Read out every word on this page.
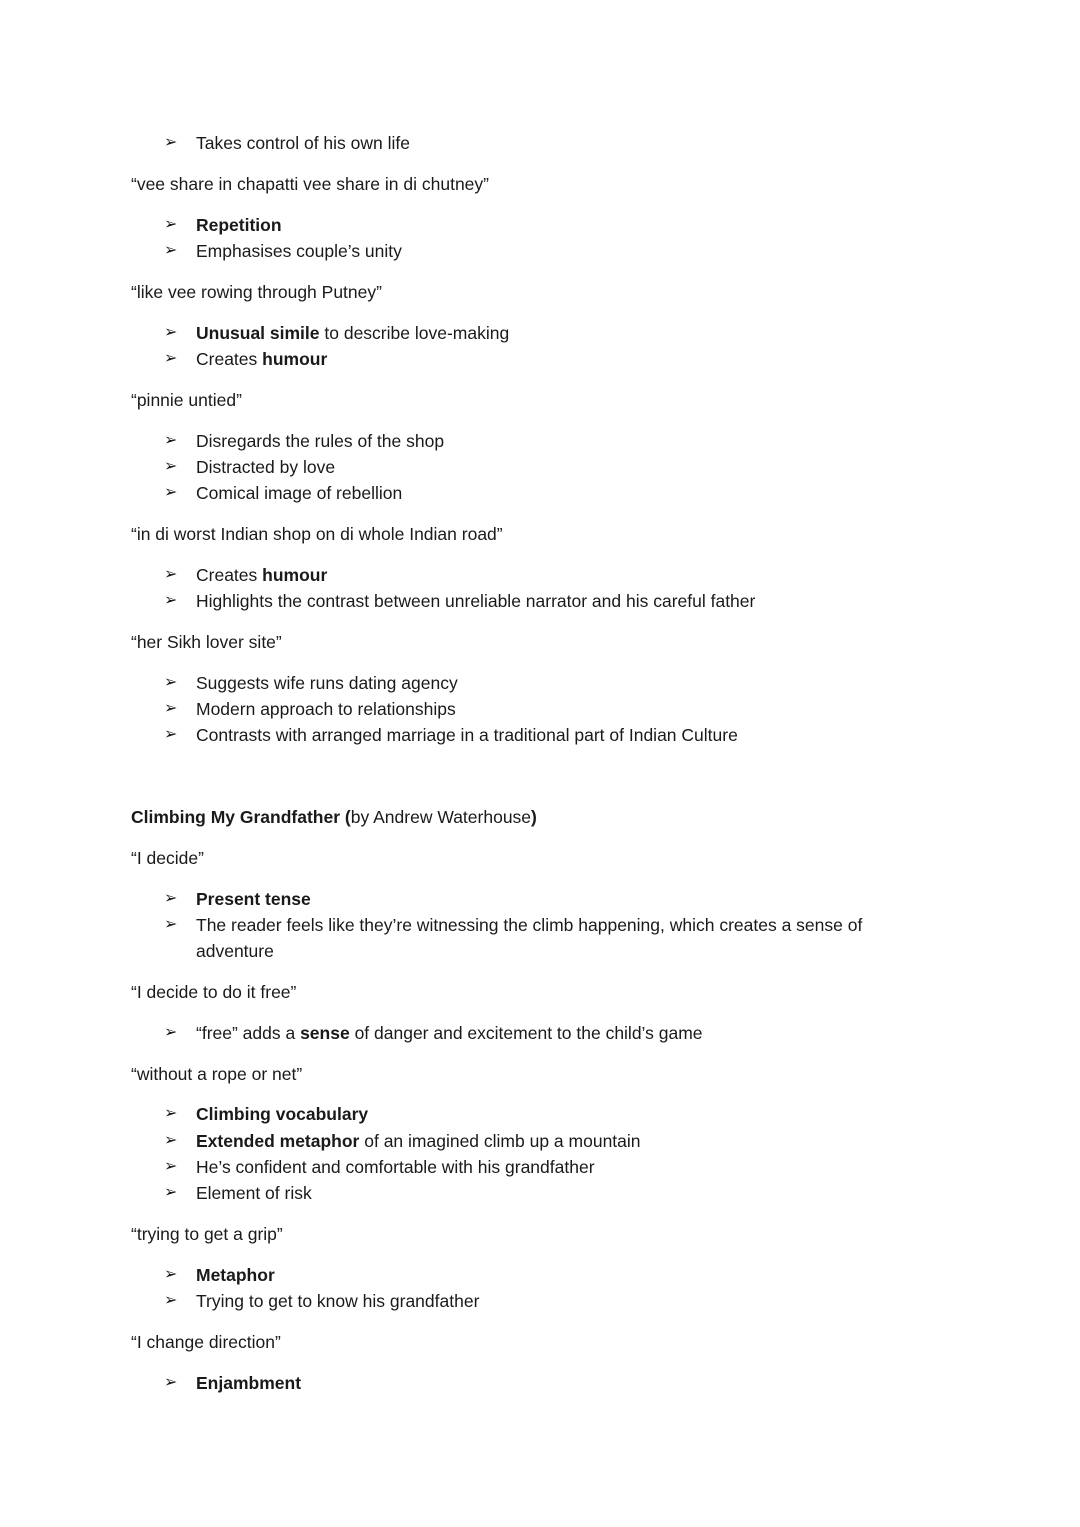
➢ Takes control of his own life
“vee share in chapatti vee share in di chutney”
➢ Repetition
➢ Emphasises couple’s unity
“like vee rowing through Putney”
➢ Unusual simile to describe love-making
➢ Creates humour
“pinnie untied”
➢ Disregards the rules of the shop
➢ Distracted by love
➢ Comical image of rebellion
“in di worst Indian shop on di whole Indian road”
➢ Creates humour
➢ Highlights the contrast between unreliable narrator and his careful father
“her Sikh lover site”
➢ Suggests wife runs dating agency
➢ Modern approach to relationships
➢ Contrasts with arranged marriage in a traditional part of Indian Culture
Climbing My Grandfather (by Andrew Waterhouse)
“I decide”
➢ Present tense
➢ The reader feels like they’re witnessing the climb happening, which creates a sense of adventure
“I decide to do it free”
➢ “free” adds a sense of danger and excitement to the child’s game
“without a rope or net”
➢ Climbing vocabulary
➢ Extended metaphor of an imagined climb up a mountain
➢ He’s confident and comfortable with his grandfather
➢ Element of risk
“trying to get a grip”
➢ Metaphor
➢ Trying to get to know his grandfather
“I change direction”
➢ Enjambment
